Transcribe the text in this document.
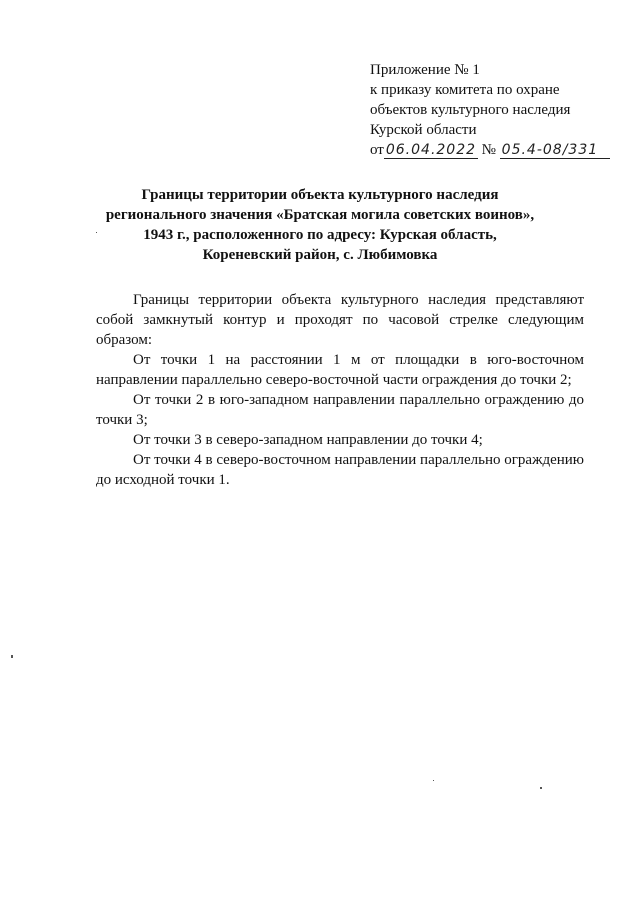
Приложение № 1
к приказу комитета по охране
объектов культурного наследия
Курской области
от 06.04.2022 № 05.4-08/331
Границы территории объекта культурного наследия
регионального значения «Братская могила советских воинов»,
1943 г., расположенного по адресу: Курская область,
Кореневский район, с. Любимовка

Границы территории объекта культурного наследия представляют собой замкнутый контур и проходят по часовой стрелке следующим образом:

От точки 1 на расстоянии 1 м от площадки в юго-восточном направлении параллельно северо-восточной части ограждения до точки 2;

От точки 2 в юго-западном направлении параллельно ограждению до точки 3;

От точки 3 в северо-западном направлении до точки 4;

От точки 4 в северо-восточном направлении параллельно ограждению до исходной точки 1.
